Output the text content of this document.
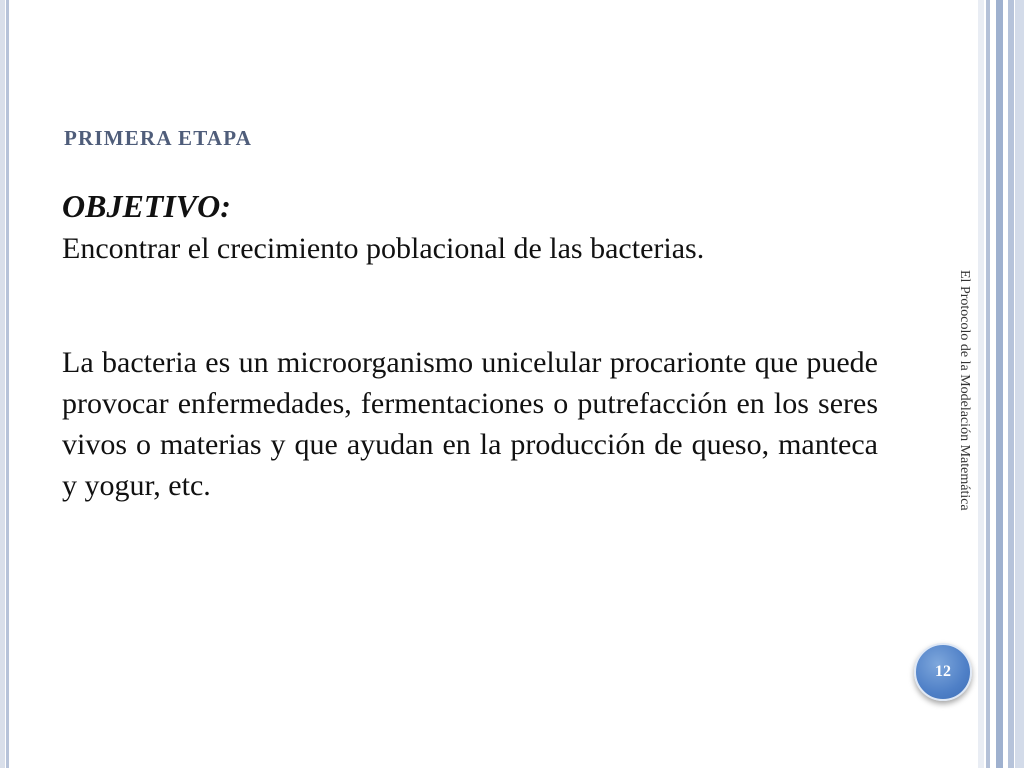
PRIMERA ETAPA
OBJETIVO:

Encontrar el crecimiento poblacional de las bacterias.

La bacteria es un microorganismo unicelular procarionte que puede provocar enfermedades, fermentaciones o putrefacción en los seres vivos o materias y que ayudan en la producción de queso, manteca y yogur, etc.	El Protocolo de la Modelación Matemática
12
